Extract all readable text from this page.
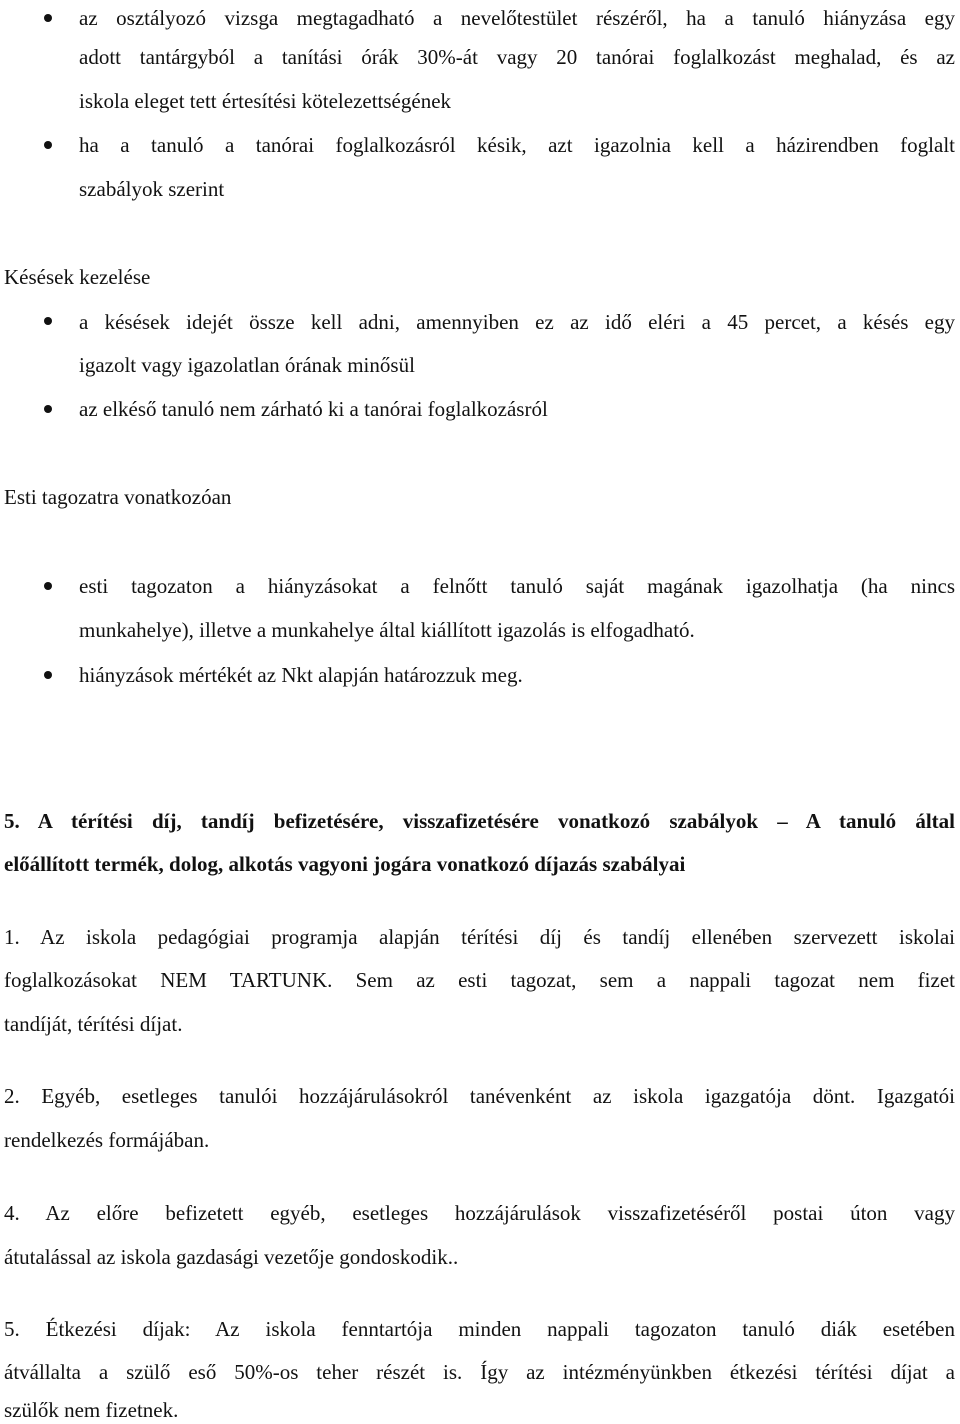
az osztályozó vizsga megtagadható a nevelőtestület részéről, ha a tanuló hiányzása egy
adott tantárgyból a tanítási órák 30%-át vagy 20 tanórai foglalkozást meghalad, és az
iskola eleget tett értesítési kötelezettségének
ha a tanuló a tanórai foglalkozásról késik, azt igazolnia kell a házirendben foglalt
szabályok szerint
Késések kezelése
a késések idejét össze kell adni, amennyiben ez az idő eléri a 45 percet, a késés egy
igazolt vagy igazolatlan órának minősül
az elkéső tanuló nem zárható ki a tanórai foglalkozásról
Esti tagozatra vonatkozóan
esti tagozaton a hiányzásokat a felnőtt tanuló saját magának igazolhatja (ha nincs
munkahelye), illetve a munkahelye által kiállított igazolás is elfogadható.
hiányzások mértékét az Nkt alapján határozzuk meg.
5. A térítési díj, tandíj befizetésére, visszafizetésére vonatkozó szabályok – A tanuló által
előállított termék, dolog, alkotás vagyoni jogára vonatkozó díjazás szabályai
1. Az iskola pedagógiai programja alapján térítési díj és tandíj ellenében szervezett iskolai
foglalkozásokat NEM TARTUNK. Sem az esti tagozat, sem a nappali tagozat nem fizet
tandíját, térítési díjat.
2. Egyéb, esetleges tanulói hozzájárulásokról tanévenként az iskola igazgatója dönt. Igazgatói
rendelkezés formájában.
4. Az előre befizetett egyéb, esetleges hozzájárulások visszafizetéséről postai úton vagy
átutalással az iskola gazdasági vezetője gondoskodik..
5. Étkezési díjak: Az iskola fenntartója minden nappali tagozaton tanuló diák esetében
átvállalta a szülő eső 50%-os teher részét is. Így az intézményünkben étkezési térítési díjat a
szülők nem fizetnek.
